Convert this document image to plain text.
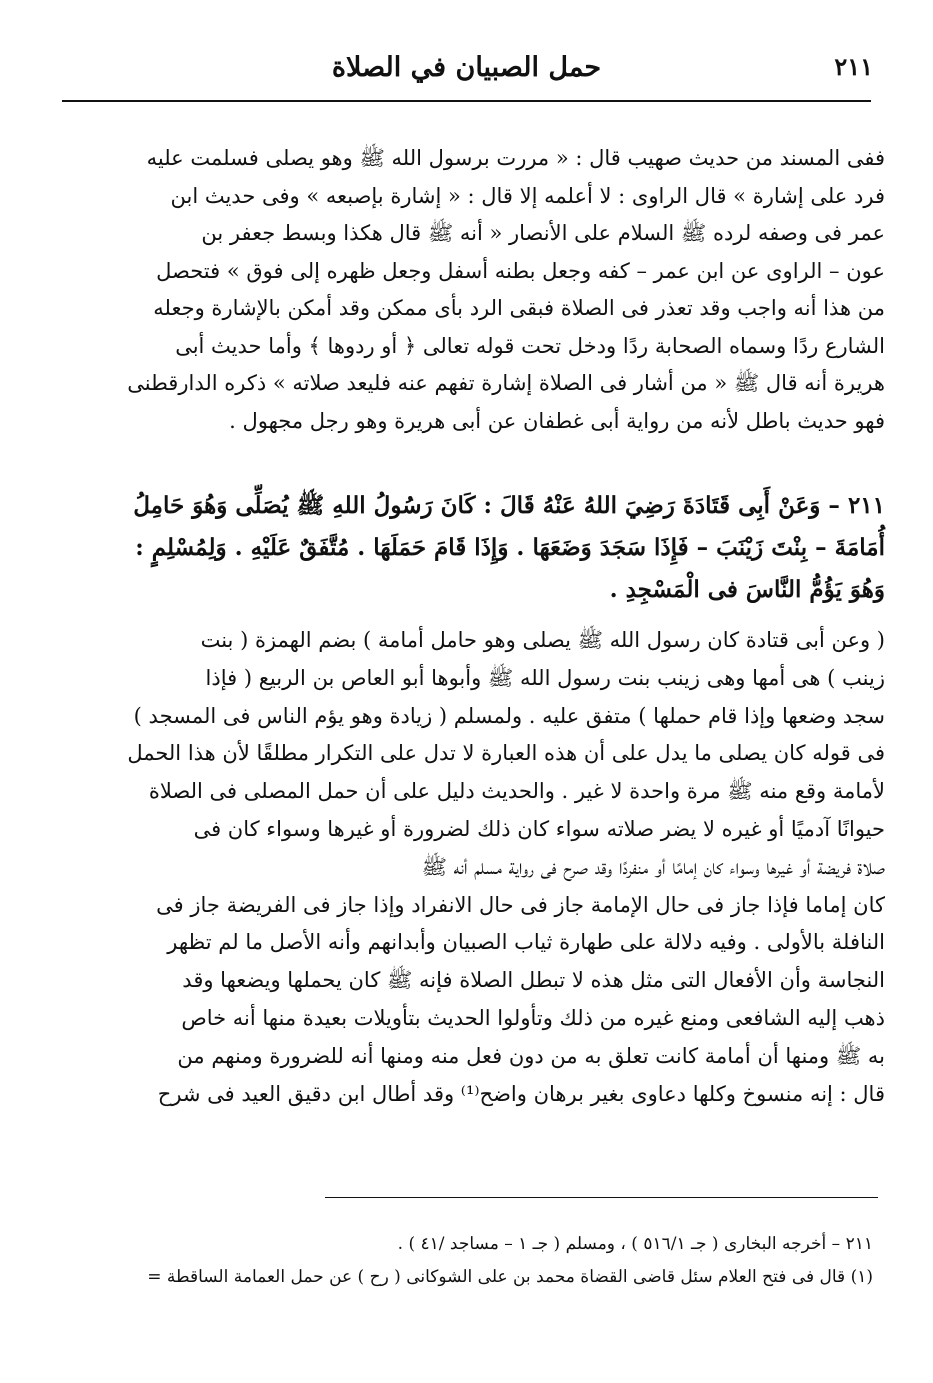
٢١١
حمل الصبيان في الصلاة
ففى المسند من حديث صهيب قال : « مررت برسول الله ﷺ وهو يصلى فسلمت عليه
فرد على إشارة » قال الراوى : لا أعلمه إلا قال : « إشارة بإصبعه » وفى حديث ابن
عمر فى وصفه لرده ﷺ السلام على الأنصار « أنه ﷺ قال هكذا وبسط جعفر بن
عون – الراوى عن ابن عمر – كفه وجعل بطنه أسفل وجعل ظهره إلى فوق » فتحصل
من هذا أنه واجب وقد تعذر فى الصلاة فبقى الرد بأى ممكن وقد أمكن بالإشارة وجعله
الشارع ردًا وسماه الصحابة ردًا ودخل تحت قوله تعالى ﴿ أو ردوها ﴾ وأما حديث أبى
هريرة أنه قال ﷺ « من أشار فى الصلاة إشارة تفهم عنه فليعد صلاته » ذكره الدارقطنى
فهو حديث باطل لأنه من رواية أبى غطفان عن أبى هريرة وهو رجل مجهول .
٢١١ – وَعَنْ أَبِى قَتَادَةَ رَضِيَ اللهُ عَنْهُ قَالَ : كَانَ رَسُولُ اللهِ ﷺ يُصَلِّى وَهُوَ حَامِلُ
أُمَامَةَ – بِنْتَ زَيْنَبَ – فَإِذَا سَجَدَ وَضَعَهَا . وَإِذَا قَامَ حَمَلَهَا . مُتَّفَقٌ عَلَيْهِ . وَلِمُسْلِمٍ :
وَهُوَ يَؤُمُّ النَّاسَ فى الْمَسْجِدِ .
( وعن أبى قتادة كان رسول الله ﷺ يصلى وهو حامل أمامة ) بضم الهمزة ( بنت
زينب ) هى أمها وهى زينب بنت رسول الله ﷺ وأبوها أبو العاص بن الربيع ( فإذا
سجد وضعها وإذا قام حملها ) متفق عليه . ولمسلم ( زيادة وهو يؤم الناس فى المسجد )
فى قوله كان يصلى ما يدل على أن هذه العبارة لا تدل على التكرار مطلقًا لأن هذا الحمل
لأمامة وقع منه ﷺ مرة واحدة لا غير . والحديث دليل على أن حمل المصلى فى الصلاة
حيوانًا آدميًا أو غيره لا يضر صلاته سواء كان ذلك لضرورة أو غيرها وسواء كان فى
صلاة فريضة أو غيرها وسواء كان إمامًا أو منفردًا وقد صرح فى رواية مسلم أنه ﷺ
كان إماما فإذا جاز فى حال الإمامة جاز فى حال الانفراد وإذا جاز فى الفريضة جاز فى
النافلة بالأولى . وفيه دلالة على طهارة ثياب الصبيان وأبدانهم وأنه الأصل ما لم تظهر
النجاسة وأن الأفعال التى مثل هذه لا تبطل الصلاة فإنه ﷺ كان يحملها ويضعها وقد
ذهب إليه الشافعى ومنع غيره من ذلك وتأولوا الحديث بتأويلات بعيدة منها أنه خاص
به ﷺ ومنها أن أمامة كانت تعلق به من دون فعل منه ومنها أنه للضرورة ومنهم من
قال : إنه منسوخ وكلها دعاوى بغير برهان واضح⁽¹⁾ وقد أطال ابن دقيق العيد فى شرح
٢١١ – أخرجه البخارى ( جـ ٥١٦/١ ) ، ومسلم ( جـ ١ – مساجد /٤١ ) .
(١) قال فى فتح العلام سئل قاضى القضاة محمد بن على الشوكانى ( رح ) عن حمل العمامة الساقطة =
